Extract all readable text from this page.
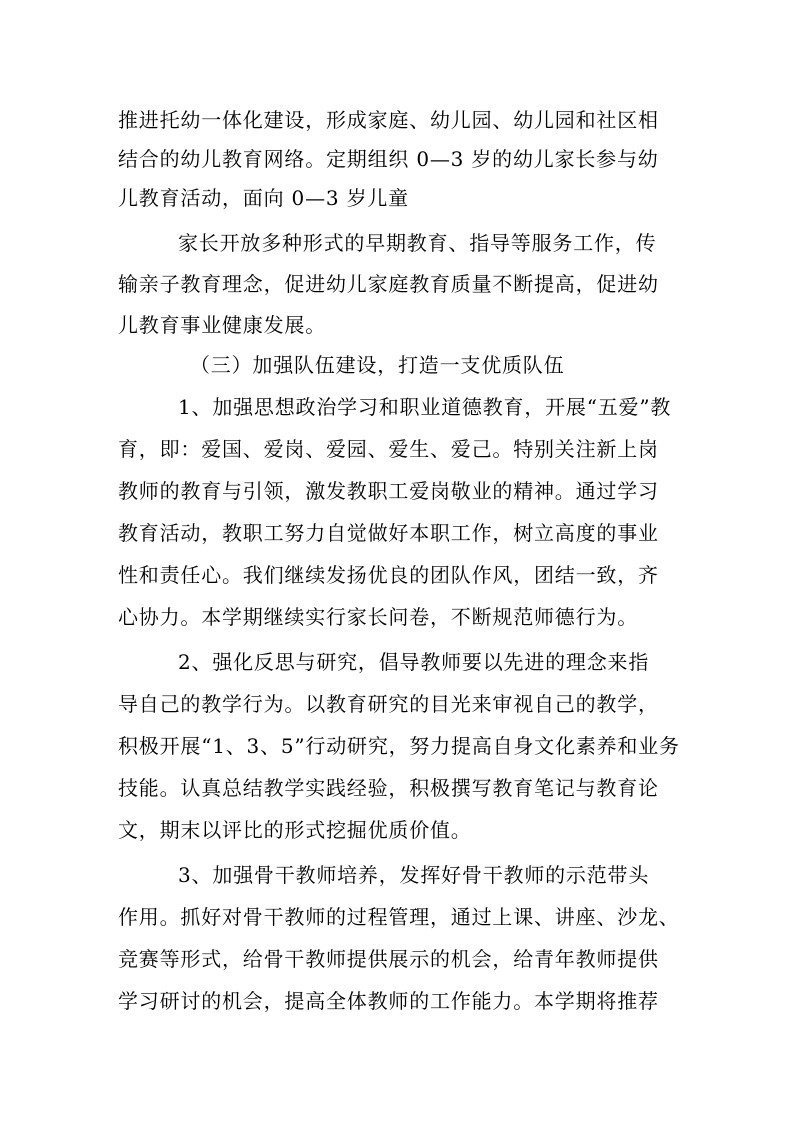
推进托幼一体化建设，形成家庭、幼儿园、幼儿园和社区相
结合的幼儿教育网络。定期组织 0—3 岁的幼儿家长参与幼
儿教育活动，面向 0—3 岁儿童
家长开放多种形式的早期教育、指导等服务工作，传
输亲子教育理念，促进幼儿家庭教育质量不断提高，促进幼
儿教育事业健康发展。
（三）加强队伍建设，打造一支优质队伍
1、加强思想政治学习和职业道德教育，开展“五爱”教
育，即：爱国、爱岗、爱园、爱生、爱己。特别关注新上岗
教师的教育与引领，激发教职工爱岗敬业的精神。通过学习
教育活动，教职工努力自觉做好本职工作，树立高度的事业
性和责任心。我们继续发扬优良的团队作风，团结一致，齐
心协力。本学期继续实行家长问卷，不断规范师德行为。
2、强化反思与研究，倡导教师要以先进的理念来指
导自己的教学行为。以教育研究的目光来审视自己的教学，
积极开展“1、3、5”行动研究，努力提高自身文化素养和业务
技能。认真总结教学实践经验，积极撰写教育笔记与教育论
文，期末以评比的形式挖掘优质价值。
3、加强骨干教师培养，发挥好骨干教师的示范带头
作用。抓好对骨干教师的过程管理，通过上课、讲座、沙龙、
竞赛等形式，给骨干教师提供展示的机会，给青年教师提供
学习研讨的机会，提高全体教师的工作能力。本学期将推荐
